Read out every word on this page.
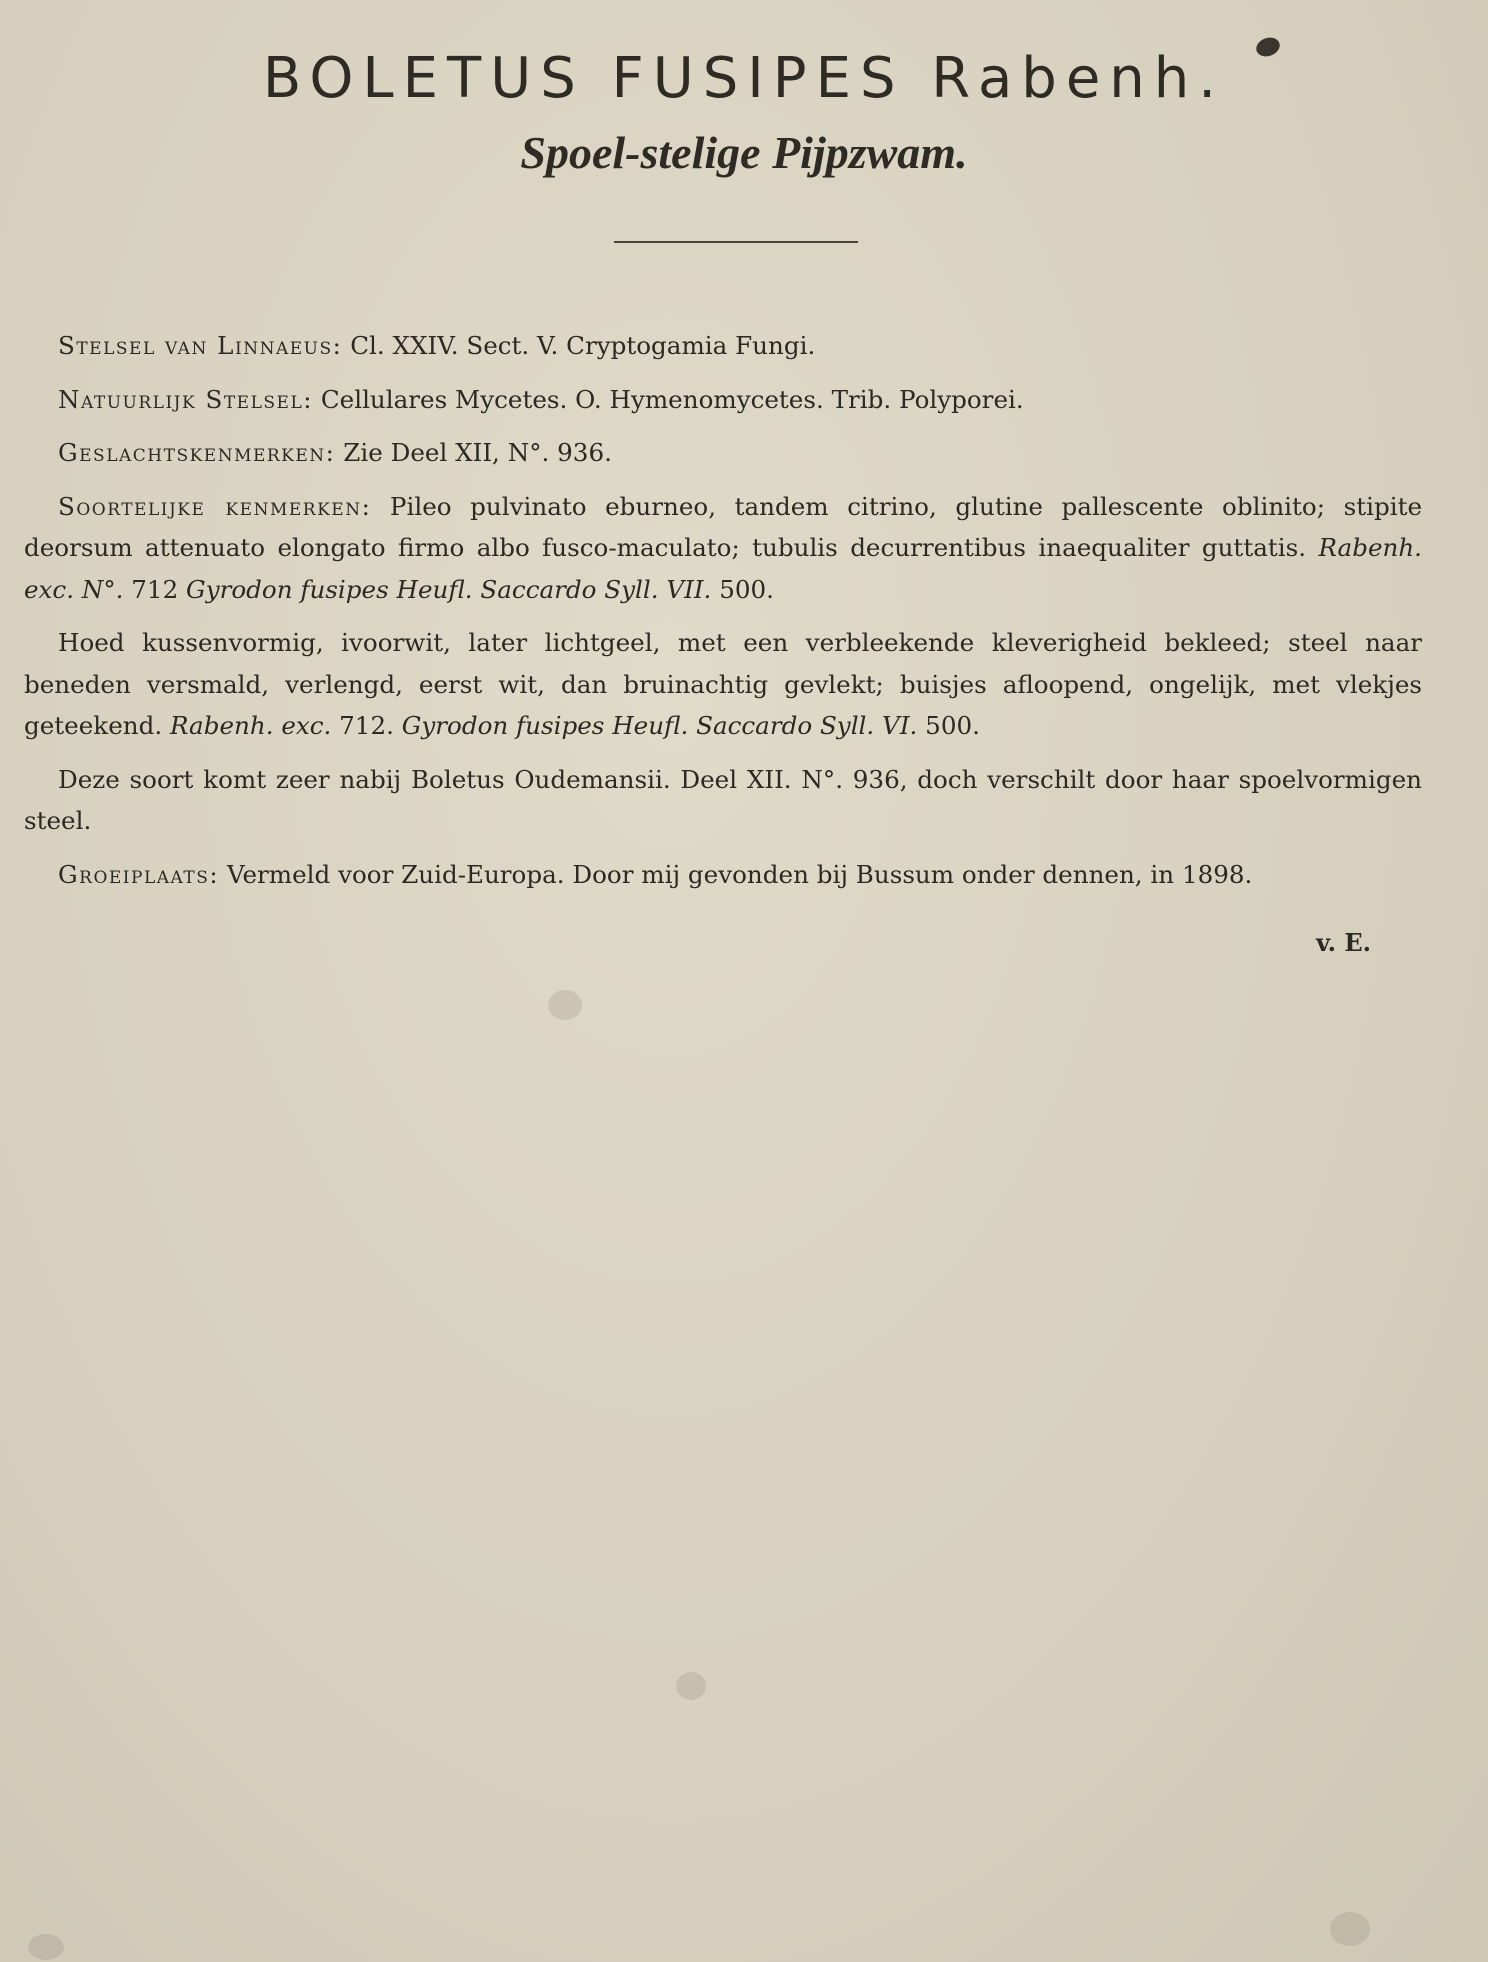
BOLETUS FUSIPES Rabenh.
Spoel-stelige Pijpzwam.

Stelsel van Linnaeus: Cl. XXIV. Sect. V. Cryptogamia Fungi.

Natuurlijk Stelsel: Cellulares Mycetes. O. Hymenomycetes. Trib. Polyporei.

Geslachtskenmerken: Zie Deel XII, N°. 936.

Soortelijke kenmerken: Pileo pulvinato eburneo, tandem citrino, glutine pallescente oblinito; stipite deorsum attenuato elongato firmo albo fusco-maculato; tubulis decurrentibus inaequaliter guttatis. Rabenh. exc. N°. 712 Gyrodon fusipes Heufl. Saccardo Syll. VII. 500.

Hoed kussenvormig, ivoorwit, later lichtgeel, met een verbleekende kleverigheid bekleed; steel naar beneden versmald, verlengd, eerst wit, dan bruinachtig gevlekt; buisjes afloopend, ongelijk, met vlekjes geteekend. Rabenh. exc. 712. Gyrodon fusipes Heufl. Saccardo Syll. VI. 500.

Deze soort komt zeer nabij Boletus Oudemansii. Deel XII. N°. 936, doch verschilt door haar spoelvormigen steel.

Groeiplaats: Vermeld voor Zuid-Europa. Door mij gevonden bij Bussum onder dennen, in 1898.

v. E.
